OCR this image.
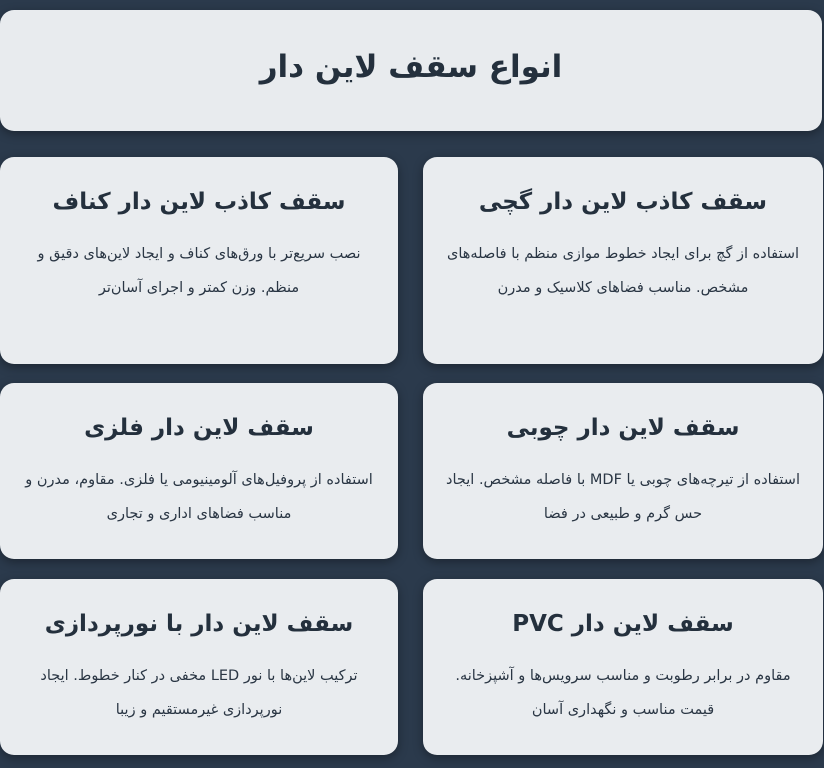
انواع سقف لاین دار
سقف کاذب لاین دار گچی

استفاده از گچ برای ایجاد خطوط موازی منظم با فاصله‌های مشخص. مناسب فضاهای کلاسیک و مدرن

سقف کاذب لاین دار کناف

نصب سریع‌تر با ورق‌های کناف و ایجاد لاین‌های دقیق و منظم. وزن کمتر و اجرای آسان‌تر

سقف لاین دار چوبی

استفاده از تیرچه‌های چوبی یا MDF با فاصله مشخص. ایجاد حس گرم و طبیعی در فضا

سقف لاین دار فلزی

استفاده از پروفیل‌های آلومینیومی یا فلزی. مقاوم، مدرن و مناسب فضاهای اداری و تجاری

سقف لاین دار PVC

مقاوم در برابر رطوبت و مناسب سرویس‌ها و آشپزخانه. قیمت مناسب و نگهداری آسان

سقف لاین دار با نورپردازی

ترکیب لاین‌ها با نور LED مخفی در کنار خطوط. ایجاد نورپردازی غیرمستقیم و زیبا
